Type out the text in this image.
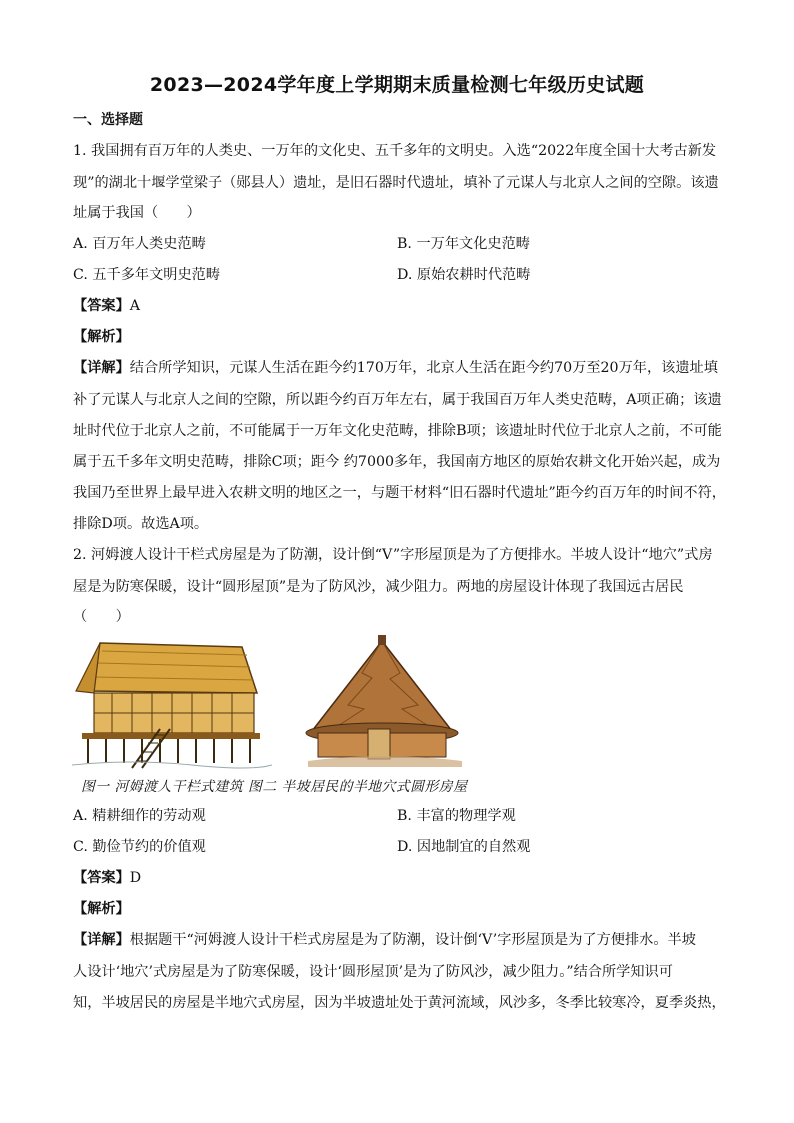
2023—2024学年度上学期期末质量检测七年级历史试题
一、选择题
1. 我国拥有百万年的人类史、一万年的文化史、五千多年的文明史。入选“2022年度全国十大考古新发
现”的湖北十堰学堂梁子（郧县人）遗址，是旧石器时代遗址，填补了元谋人与北京人之间的空隙。该遗
址属于我国（　　）
A. 百万年人类史范畴	B. 一万年文化史范畴
C. 五千多年文明史范畴	D. 原始农耕时代范畴
【答案】A
【解析】
【详解】结合所学知识，元谋人生活在距今约170万年，北京人生活在距今约70万至20万年，该遗址填
补了元谋人与北京人之间的空隙，所以距今约百万年左右，属于我国百万年人类史范畴，A项正确；该遗
址时代位于北京人之前，不可能属于一万年文化史范畴，排除B项；该遗址时代位于北京人之前，不可能
属于五千多年文明史范畴，排除C项；距今 约7000多年，我国南方地区的原始农耕文化开始兴起，成为
我国乃至世界上最早进入农耕文明的地区之一，与题干材料“旧石器时代遗址”距今约百万年的时间不符，
排除D项。故选A项。
2. 河姆渡人设计干栏式房屋是为了防潮，设计倒“V”字形屋顶是为了方便排水。半坡人设计“地穴”式房
屋是为防寒保暖，设计“圆形屋顶”是为了防风沙，减少阻力。两地的房屋设计体现了我国远古居民
（　　）
图一 河姆渡人干栏式建筑 图二 半坡居民的半地穴式圆形房屋
A. 精耕细作的劳动观	B. 丰富的物理学观
C. 勤俭节约的价值观	D. 因地制宜的自然观
【答案】D
【解析】
【详解】根据题干“河姆渡人设计干栏式房屋是为了防潮，设计倒‘V’字形屋顶是为了方便排水。半坡
人设计‘地穴’式房屋是为了防寒保暖，设计‘圆形屋顶’是为了防风沙，减少阻力。”结合所学知识可
知，半坡居民的房屋是半地穴式房屋，因为半坡遗址处于黄河流域，风沙多，冬季比较寒冷，夏季炎热，
